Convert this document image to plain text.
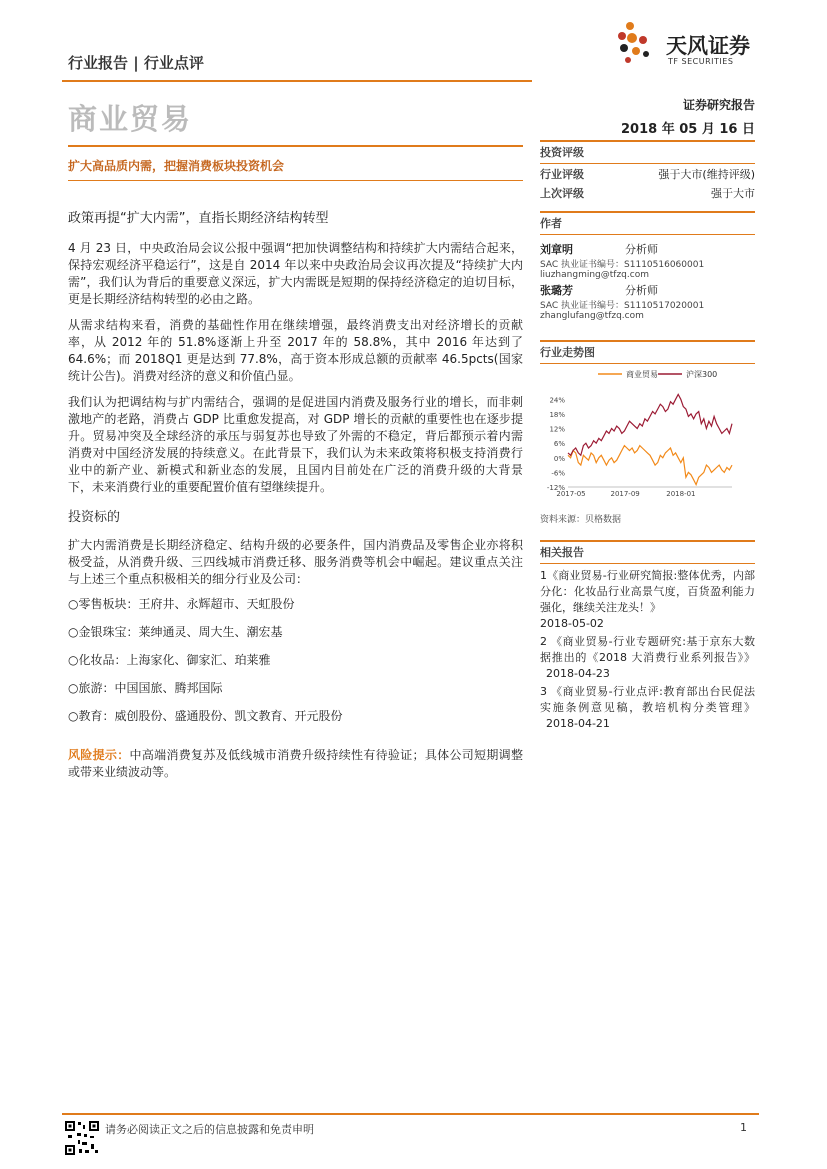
行业报告 | 行业点评
商业贸易
天风证券
TF SECURITIES
证券研究报告
2018 年 05 月 16 日
扩大高品质内需，把握消费板块投资机会

政策再提“扩大内需”，直指长期经济结构转型

4 月 23 日，中央政治局会议公报中强调“把加快调整结构和持续扩大内需结合起来，保持宏观经济平稳运行”，这是自 2014 年以来中央政治局会议再次提及“持续扩大内需”，我们认为背后的重要意义深远，扩大内需既是短期的保持经济稳定的迫切目标，更是长期经济结构转型的必由之路。

从需求结构来看，消费的基础性作用在继续增强，最终消费支出对经济增长的贡献率，从 2012 年的 51.8%逐渐上升至 2017 年的 58.8%，其中 2016 年达到了 64.6%；而 2018Q1 更是达到 77.8%，高于资本形成总额的贡献率 46.5pcts(国家统计公告)。消费对经济的意义和价值凸显。

我们认为把调结构与扩内需结合，强调的是促进国内消费及服务行业的增长，而非刺激地产的老路，消费占 GDP 比重愈发提高，对 GDP 增长的贡献的重要性也在逐步提升。贸易冲突及全球经济的承压与弱复苏也导致了外需的不稳定，背后都预示着内需消费对中国经济发展的持续意义。在此背景下，我们认为未来政策将积极支持消费行业中的新产业、新模式和新业态的发展，且国内目前处在广泛的消费升级的大背景下，未来消费行业的重要配置价值有望继续提升。

投资标的

扩大内需消费是长期经济稳定、结构升级的必要条件，国内消费品及零售企业亦将积极受益，从消费升级、三四线城市消费迁移、服务消费等机会中崛起。建议重点关注与上述三个重点积极相关的细分行业及公司：

○零售板块：王府井、永辉超市、天虹股份

○金银珠宝：莱绅通灵、周大生、潮宏基

○化妆品：上海家化、御家汇、珀莱雅

○旅游：中国国旅、腾邦国际

○教育：威创股份、盛通股份、凯文教育、开元股份

风险提示：中高端消费复苏及低线城市消费升级持续性有待验证；具体公司短期调整或带来业绩波动等。

投资评级
行业评级	强于大市(维持评级)
上次评级	强于大市
作者
刘章明	分析师
SAC 执业证书编号：S1110516060001
liuzhangming@tfzq.com
张璐芳	分析师
SAC 执业证书编号：S1110517020001
zhanglufang@tfzq.com
行业走势图
商业贸易	沪深300
24%
18%
12%
6%
0%
-6%
-12%
2017-05	2017-09	2018-01
资料来源：贝格数据
相关报告
1《商业贸易-行业研究简报:整体优秀，内部分化：化妆品行业高景气度，百货盈利能力强化，继续关注龙头！》
2018-05-02
2 《商业贸易-行业专题研究:基于京东大数据推出的《2018 大消费行业系列报告》》 2018-04-23
3 《商业贸易-行业点评:教育部出台民促法实施条例意见稿，教培机构分类管理》 2018-04-21
请务必阅读正文之后的信息披露和免责申明	1
